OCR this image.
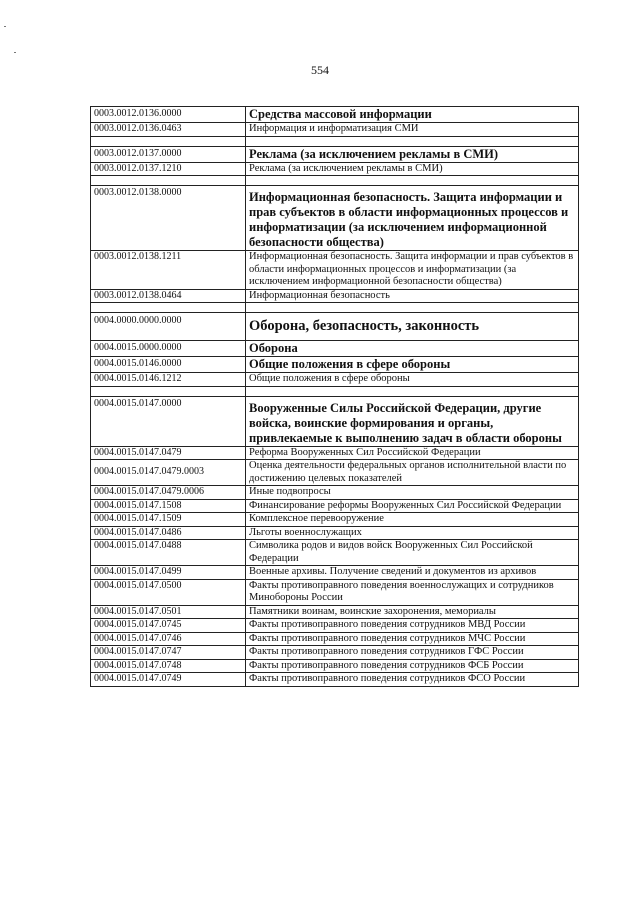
554
0003.0012.0136.0000	Средства массовой информации
0003.0012.0136.0463	Информация и информатизация СМИ

0003.0012.0137.0000	Реклама (за исключением рекламы в СМИ)
0003.0012.0137.1210	Реклама (за исключением рекламы в СМИ)

0003.0012.0138.0000	Информационная безопасность. Защита информации и прав субъектов в области информационных процессов и информатизации (за исключением информационной безопасности общества)
0003.0012.0138.1211	Информационная безопасность. Защита информации и прав субъектов в области информационных процессов и информатизации (за исключением информационной безопасности общества)
0003.0012.0138.0464	Информационная безопасность

0004.0000.0000.0000	Оборона, безопасность, законность
0004.0015.0000.0000	Оборона
0004.0015.0146.0000	Общие положения в сфере обороны
0004.0015.0146.1212	Общие положения в сфере обороны

0004.0015.0147.0000	Вооруженные Силы Российской Федерации, другие войска, воинские формирования и органы, привлекаемые к выполнению задач в области обороны
0004.0015.0147.0479	Реформа Вооруженных Сил Российской Федерации
0004.0015.0147.0479.0003	Оценка деятельности федеральных органов исполнительной власти по достижению целевых показателей
0004.0015.0147.0479.0006	Иные подвопросы
0004.0015.0147.1508	Финансирование реформы Вооруженных Сил Российской Федерации
0004.0015.0147.1509	Комплексное перевооружение
0004.0015.0147.0486	Льготы военнослужащих
0004.0015.0147.0488	Символика родов и видов войск Вооруженных Сил Российской Федерации
0004.0015.0147.0499	Военные архивы. Получение сведений и документов из архивов
0004.0015.0147.0500	Факты противоправного поведения военнослужащих и сотрудников Минобороны России
0004.0015.0147.0501	Памятники воинам, воинские захоронения, мемориалы
0004.0015.0147.0745	Факты противоправного поведения сотрудников МВД России
0004.0015.0147.0746	Факты противоправного поведения сотрудников МЧС России
0004.0015.0147.0747	Факты противоправного поведения сотрудников ГФС России
0004.0015.0147.0748	Факты противоправного поведения сотрудников ФСБ России
0004.0015.0147.0749	Факты противоправного поведения сотрудников ФСО России
